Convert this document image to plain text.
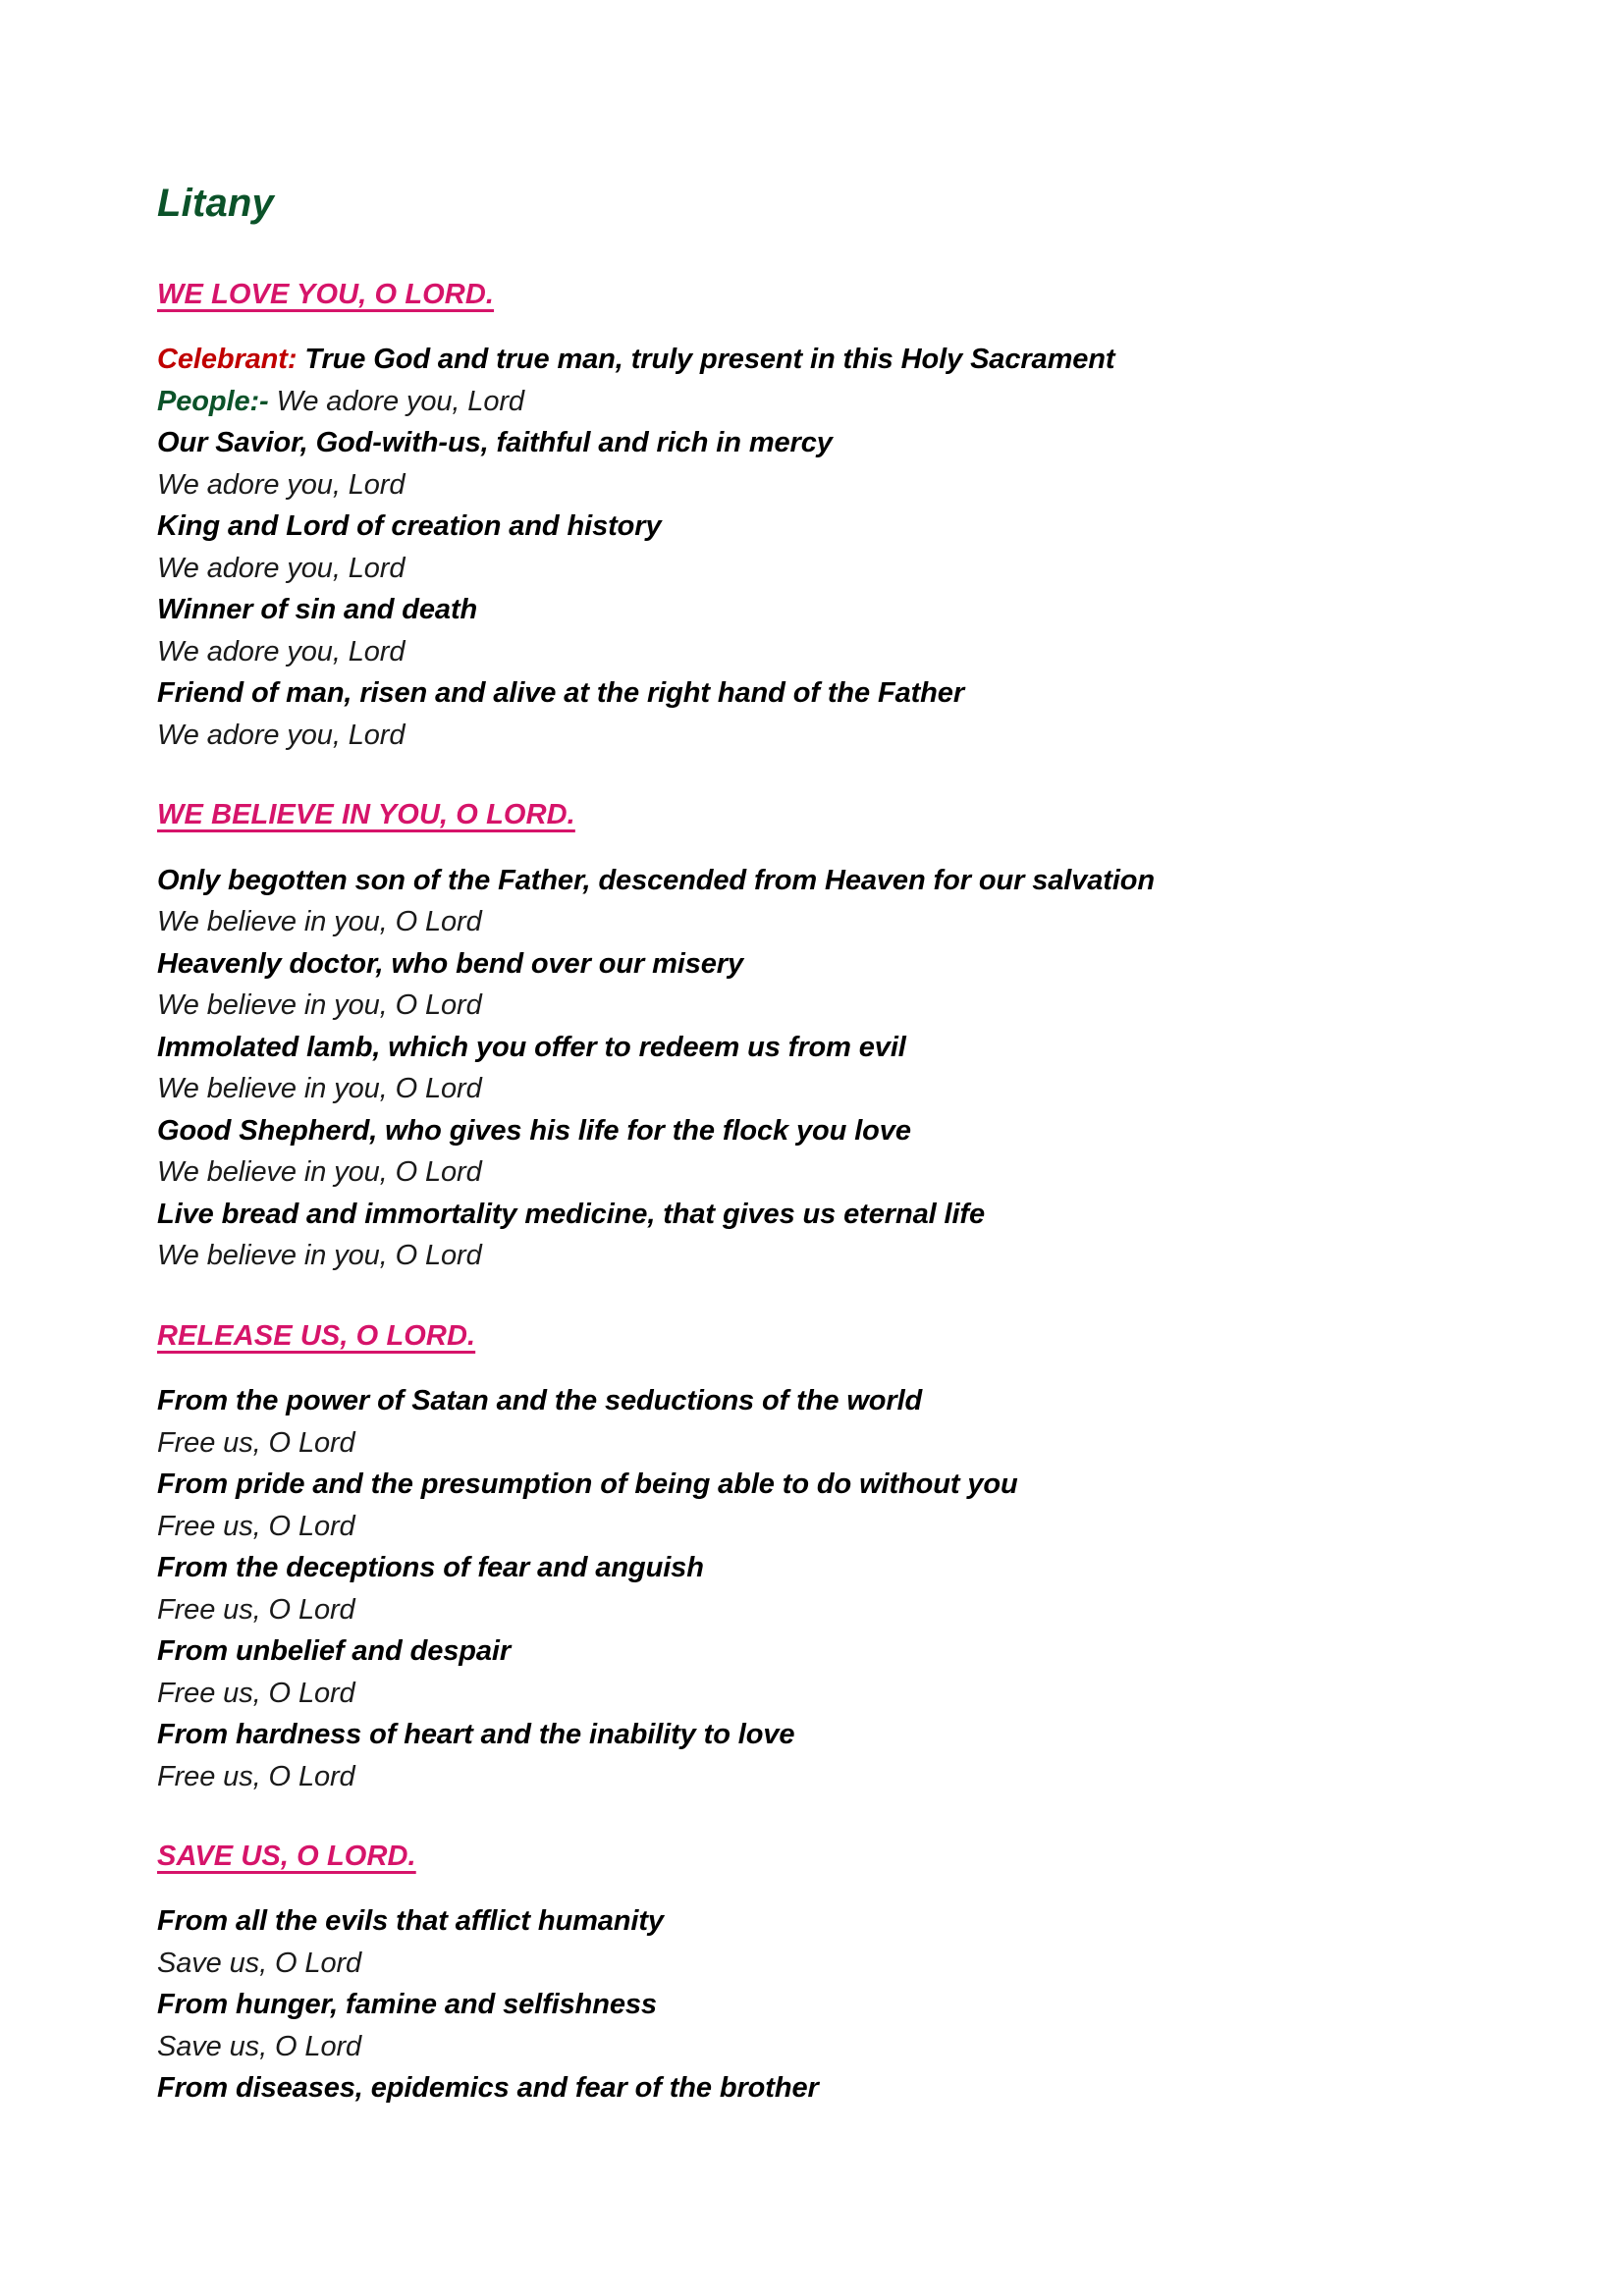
Litany
WE LOVE YOU, O LORD.
Celebrant: True God and true man, truly present in this Holy Sacrament
People:- We adore you, Lord
Our Savior, God-with-us, faithful and rich in mercy
We adore you, Lord
King and Lord of creation and history
We adore you, Lord
Winner of sin and death
We adore you, Lord
Friend of man, risen and alive at the right hand of the Father
We adore you, Lord
WE BELIEVE IN YOU, O LORD.
Only begotten son of the Father, descended from Heaven for our salvation
We believe in you, O Lord
Heavenly doctor, who bend over our misery
We believe in you, O Lord
Immolated lamb, which you offer to redeem us from evil
We believe in you, O Lord
Good Shepherd, who gives his life for the flock you love
We believe in you, O Lord
Live bread and immortality medicine, that gives us eternal life
We believe in you, O Lord
RELEASE US, O LORD.
From the power of Satan and the seductions of the world
Free us, O Lord
From pride and the presumption of being able to do without you
Free us, O Lord
From the deceptions of fear and anguish
Free us, O Lord
From unbelief and despair
Free us, O Lord
From hardness of heart and the inability to love
Free us, O Lord
SAVE US, O LORD.
From all the evils that afflict humanity
Save us, O Lord
From hunger, famine and selfishness
Save us, O Lord
From diseases, epidemics and fear of the brother
